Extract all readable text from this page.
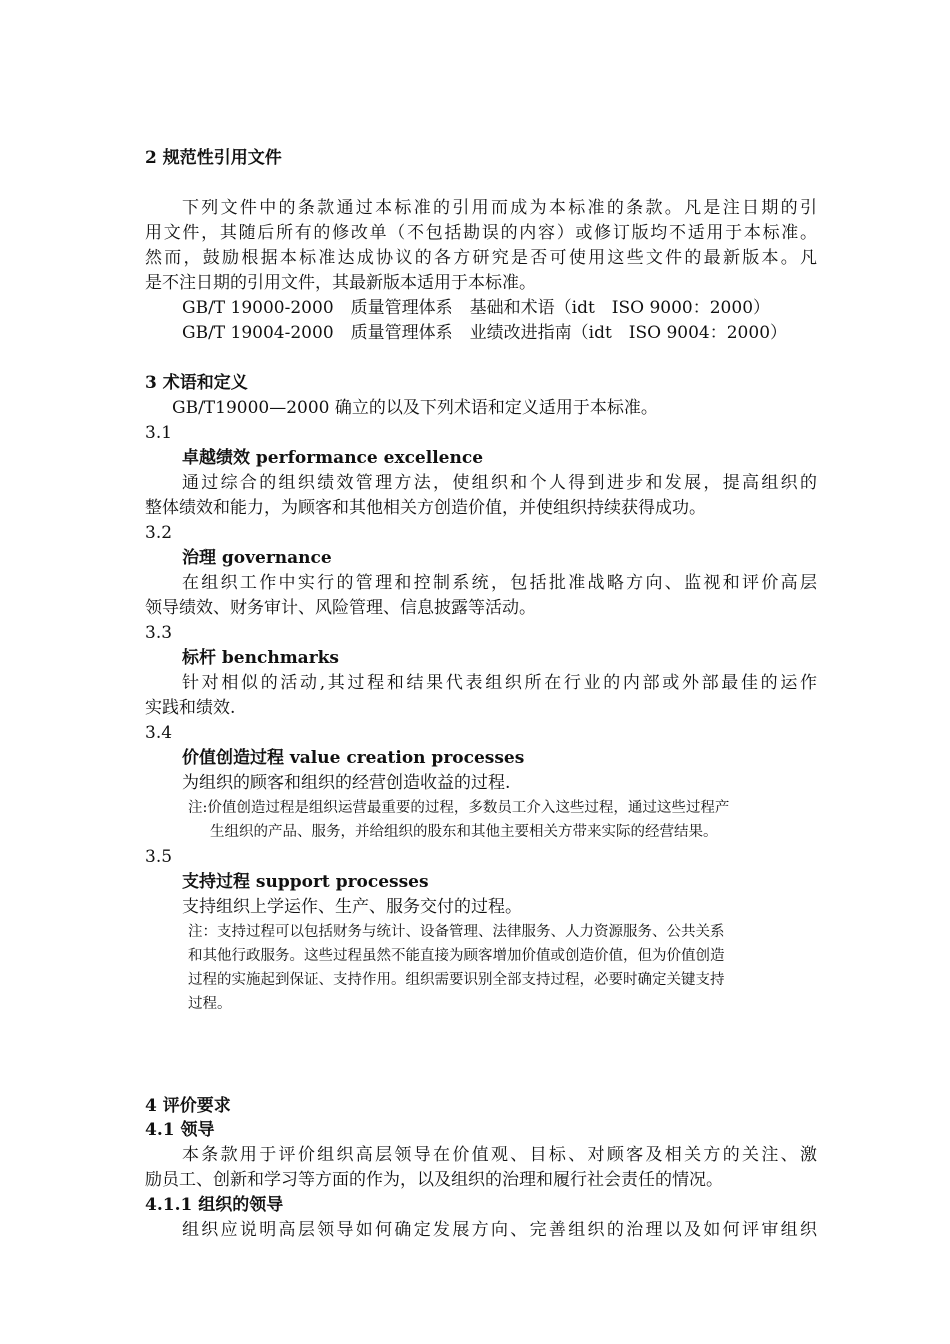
2 规范性引用文件
下列文件中的条款通过本标准的引用而成为本标准的条款。凡是注日期的引
用文件，其随后所有的修改单（不包括勘误的内容）或修订版均不适用于本标准。
然而，鼓励根据本标准达成协议的各方研究是否可使用这些文件的最新版本。凡
是不注日期的引用文件，其最新版本适用于本标准。
GB/T 19000-2000　质量管理体系　基础和术语（idt　ISO 9000：2000）
GB/T 19004-2000　质量管理体系　业绩改进指南（idt　ISO 9004：2000）
3 术语和定义
GB/T19000—2000 确立的以及下列术语和定义适用于本标准。
3.1
卓越绩效 performance excellence
通过综合的组织绩效管理方法，使组织和个人得到进步和发展，提高组织的
整体绩效和能力，为顾客和其他相关方创造价值，并使组织持续获得成功。
3.2
治理 governance
在组织工作中实行的管理和控制系统，包括批准战略方向、监视和评价高层
领导绩效、财务审计、风险管理、信息披露等活动。
3.3
标杆 benchmarks
针对相似的活动,其过程和结果代表组织所在行业的内部或外部最佳的运作
实践和绩效.
3.4
价值创造过程 value creation processes
为组织的顾客和组织的经营创造收益的过程.
注:价值创造过程是组织运营最重要的过程，多数员工介入这些过程，通过这些过程产
生组织的产品、服务，并给组织的股东和其他主要相关方带来实际的经营结果。
3.5
支持过程 support processes
支持组织上学运作、生产、服务交付的过程。
注：支持过程可以包括财务与统计、设备管理、法律服务、人力资源服务、公共关系
和其他行政服务。这些过程虽然不能直接为顾客增加价值或创造价值，但为价值创造
过程的实施起到保证、支持作用。组织需要识别全部支持过程，必要时确定关键支持
过程。
4 评价要求
4.1 领导
本条款用于评价组织高层领导在价值观、目标、对顾客及相关方的关注、激
励员工、创新和学习等方面的作为，以及组织的治理和履行社会责任的情况。
4.1.1 组织的领导
组织应说明高层领导如何确定发展方向、完善组织的治理以及如何评审组织
